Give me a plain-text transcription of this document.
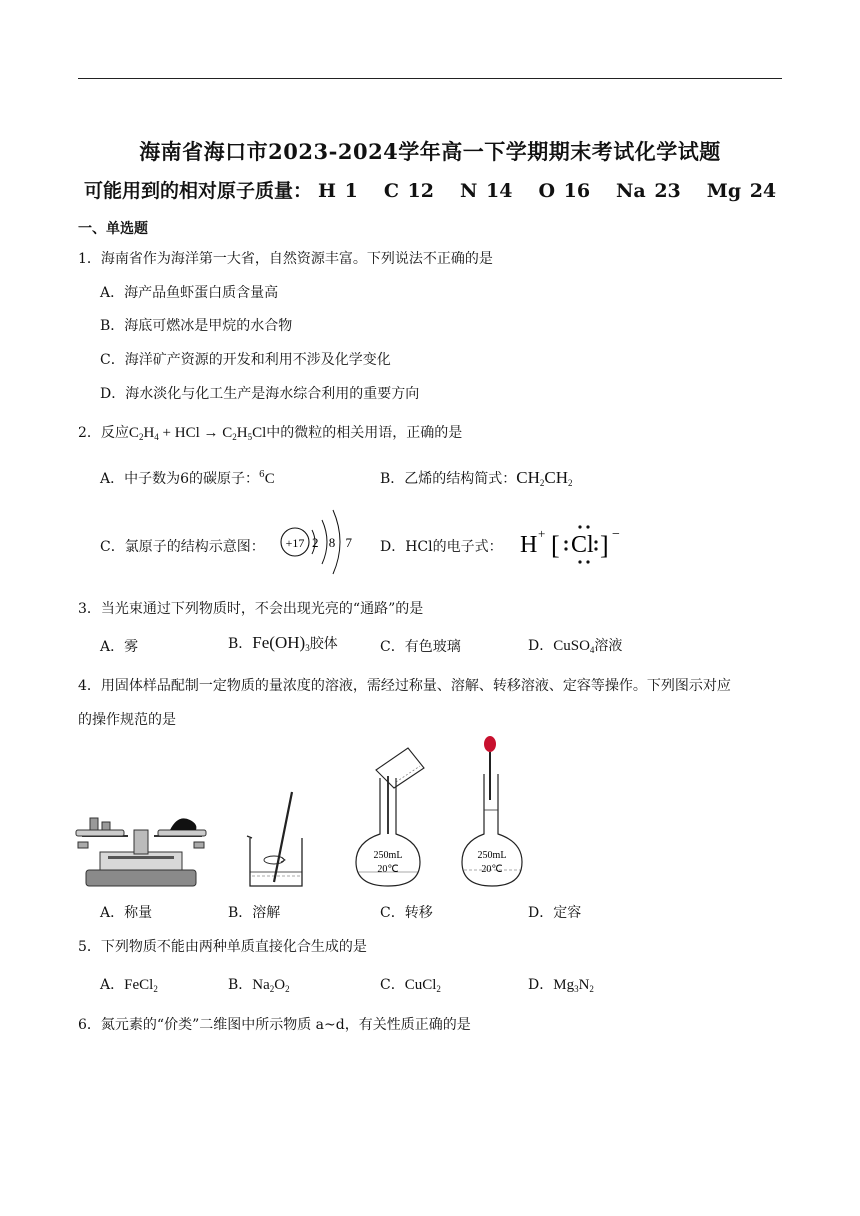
海南省海口市2023-2024学年高一下学期期末考试化学试题
可能用到的相对原子质量： H 1 C 12 N 14 O 16 Na 23 Mg 24
一、单选题
1．海南省作为海洋第一大省，自然资源丰富。下列说法不正确的是
A．海产品鱼虾蛋白质含量高
B．海底可燃冰是甲烷的水合物
C．海洋矿产资源的开发和利用不涉及化学变化
D．海水淡化与化工生产是海水综合利用的重要方向
2．反应$C_2H_4$ + HCl → $C_2H_5Cl$中的微粒的相关用语，正确的是
A．中子数为6的碳原子：$^6$C	B．乙烯的结构简式：$CH_2CH_2$
C．氯原子的结构示意图： +17 2 8 7 D．HCl的电子式： H + [ Cl ] −
3．当光束通过下列物质时，不会出现光亮的“通路”的是
A．雾	B．$Fe(OH)_3$胶体	C．有色玻璃	D．CuSO$_4$溶液
4．用固体样品配制一定物质的量浓度的溶液，需经过称量、溶解、转移溶液、定容等操作。下列图示对应
的操作规范的是
250mL
20℃
250mL
20℃
A．称量	B．溶解	C．转移	D．定容
5．下列物质不能由两种单质直接化合生成的是
A．FeCl$_2$	B．$Na_2O_2$	C．CuCl$_2$	D．$Mg_3N_2$
6．氮元素的“价类”二维图中所示物质 a~d，有关性质正确的是
